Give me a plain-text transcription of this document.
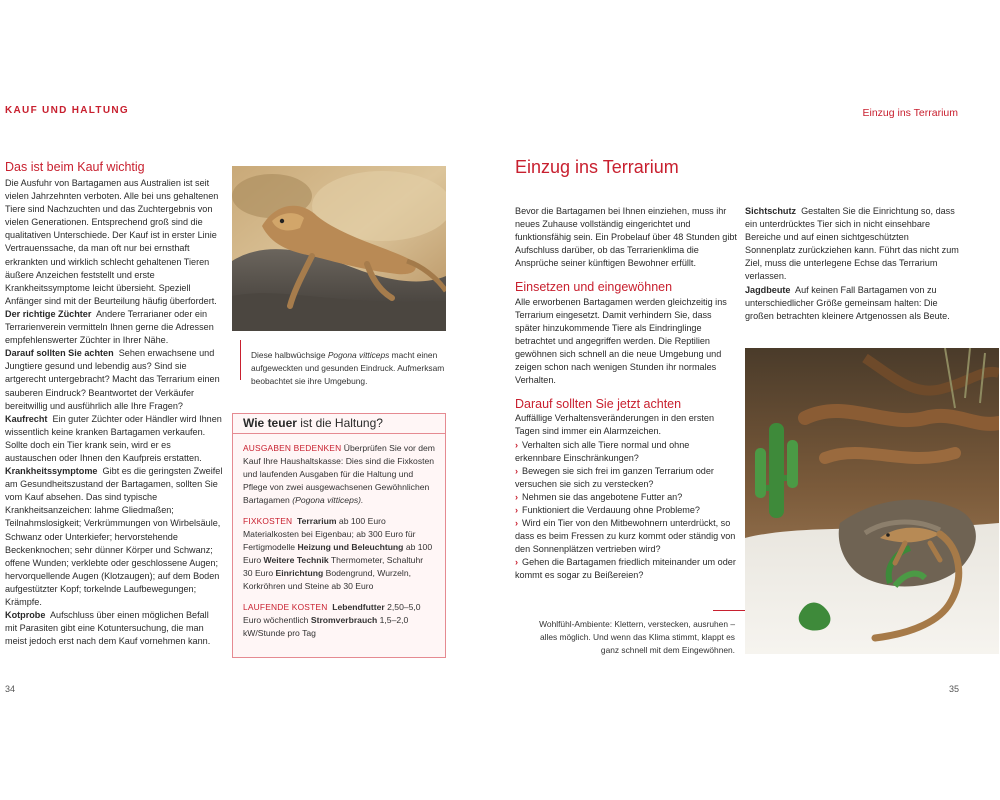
KAUF UND HALTUNG
Das ist beim Kauf wichtig
Die Ausfuhr von Bartagamen aus Australien ist seit vielen Jahrzehnten verboten. Alle bei uns gehaltenen Tiere sind Nachzuchten und das Zuchtergebnis von vielen Generationen. Entsprechend groß sind die qualitativen Unterschiede. Der Kauf ist in erster Linie Vertrauenssache, da man oft nur bei ernsthaft erkrankten und wirklich schlecht gehaltenen Tieren äußere Anzeichen feststellt und erste Krankheitssymptome leicht übersieht. Speziell Anfänger sind mit der Beurteilung häufig überfordert.
Der richtige Züchter Andere Terrarianer oder ein Terrarienverein vermitteln Ihnen gerne die Adressen empfehlenswerter Züchter in Ihrer Nähe.
Darauf sollten Sie achten Sehen erwachsene und Jungtiere gesund und lebendig aus? Sind sie artgerecht untergebracht? Macht das Terrarium einen sauberen Eindruck? Beantwortet der Verkäufer bereitwillig und ausführlich alle Ihre Fragen?
Kaufrecht Ein guter Züchter oder Händler wird Ihnen wissentlich keine kranken Bartagamen verkaufen. Sollte doch ein Tier krank sein, wird er es austauschen oder Ihnen den Kaufpreis erstatten.
Krankheitssymptome Gibt es die geringsten Zweifel am Gesundheitszustand der Bartagamen, sollten Sie vom Kauf absehen. Das sind typische Krankheitsanzeichen: lahme Gliedmaßen; Teilnahmslosigkeit; Verkrümmungen von Wirbelsäule, Schwanz oder Unterkiefer; hervorstehende Beckenknochen; sehr dünner Körper und Schwanz; offene Wunden; verklebte oder geschlossene Augen; hervorquellende Augen (Klotzaugen); auf dem Boden aufgestützter Kopf; torkelnde Laufbewegungen; Krämpfe.
Kotprobe Aufschluss über einen möglichen Befall mit Parasiten gibt eine Kotuntersuchung, die man meist jedoch erst nach dem Kauf vornehmen kann.
Diese halbwüchsige Pogona vitticeps macht einen aufgeweckten und gesunden Eindruck. Aufmerksam beobachtet sie ihre Umgebung.
Wie teuer ist die Haltung?
AUSGABEN BEDENKEN Überprüfen Sie vor dem Kauf Ihre Haushaltskasse: Dies sind die Fixkosten und laufenden Ausgaben für die Haltung und Pflege von zwei ausgewachsenen Gewöhnlichen Bartagamen (Pogona vitticeps).
FIXKOSTEN Terrarium ab 100 Euro Materialkosten bei Eigenbau; ab 300 Euro für Fertigmodelle Heizung und Beleuchtung ab 100 Euro Weitere Technik Thermometer, Schaltuhr 30 Euro Einrichtung Bodengrund, Wurzeln, Korkröhren und Steine ab 30 Euro
LAUFENDE KOSTEN Lebendfutter 2,50–5,0 Euro wöchentlich Stromverbrauch 1,5–2,0 kW/Stunde pro Tag
34
Einzug ins Terrarium
Einzug ins Terrarium
Bevor die Bartagamen bei Ihnen einziehen, muss ihr neues Zuhause vollständig eingerichtet und funktionsfähig sein. Ein Probelauf über 48 Stunden gibt Aufschluss darüber, ob das Terrarienklima die Ansprüche seiner künftigen Bewohner erfüllt.
Einsetzen und eingewöhnen
Alle erworbenen Bartagamen werden gleichzeitig ins Terrarium eingesetzt. Damit verhindern Sie, dass später hinzukommende Tiere als Eindringlinge betrachtet und angegriffen werden. Die Reptilien gewöhnen sich schnell an die neue Umgebung und zeigen schon nach wenigen Stunden ihr normales Verhalten.
Darauf sollten Sie jetzt achten
Auffällige Verhaltensveränderungen in den ersten Tagen sind immer ein Alarmzeichen.
› Verhalten sich alle Tiere normal und ohne erkennbare Einschränkungen?
› Bewegen sie sich frei im ganzen Terrarium oder versuchen sie sich zu verstecken?
› Nehmen sie das angebotene Futter an?
› Funktioniert die Verdauung ohne Probleme?
› Wird ein Tier von den Mitbewohnern unterdrückt, so dass es beim Fressen zu kurz kommt oder ständig von den Sonnenplätzen vertrieben wird?
› Gehen die Bartagamen friedlich miteinander um oder kommt es sogar zu Beißereien?
Sichtschutz Gestalten Sie die Einrichtung so, dass ein unterdrücktes Tier sich in nicht einsehbare Bereiche und auf einen sichtgeschützten Sonnenplatz zurückziehen kann. Führt das nicht zum Ziel, muss die unterlegene Echse das Terrarium verlassen.
Jagdbeute Auf keinen Fall Bartagamen von zu unterschiedlicher Größe gemeinsam halten: Die großen betrachten kleinere Artgenossen als Beute.
Wohlfühl-Ambiente: Klettern, verstecken, ausruhen – alles möglich. Und wenn das Klima stimmt, klappt es ganz schnell mit dem Eingewöhnen.
35
